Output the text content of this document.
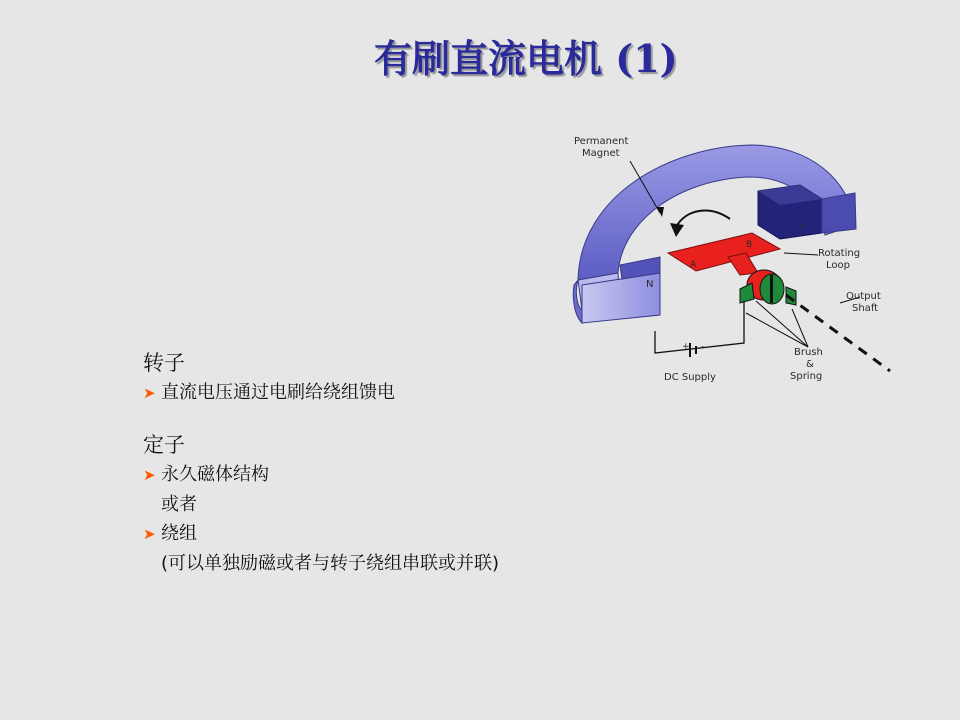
有刷直流电机 (1)
Permanent
Magnet
N
S
A
B
Rotating
Loop
Output
Shaft
Brush
&
Spring
DC Supply
+ -
转子
➤ 直流电压通过电刷给绕组馈电
定子
➤ 永久磁体结构
或者
➤ 绕组
(可以单独励磁或者与转子绕组串联或并联)
